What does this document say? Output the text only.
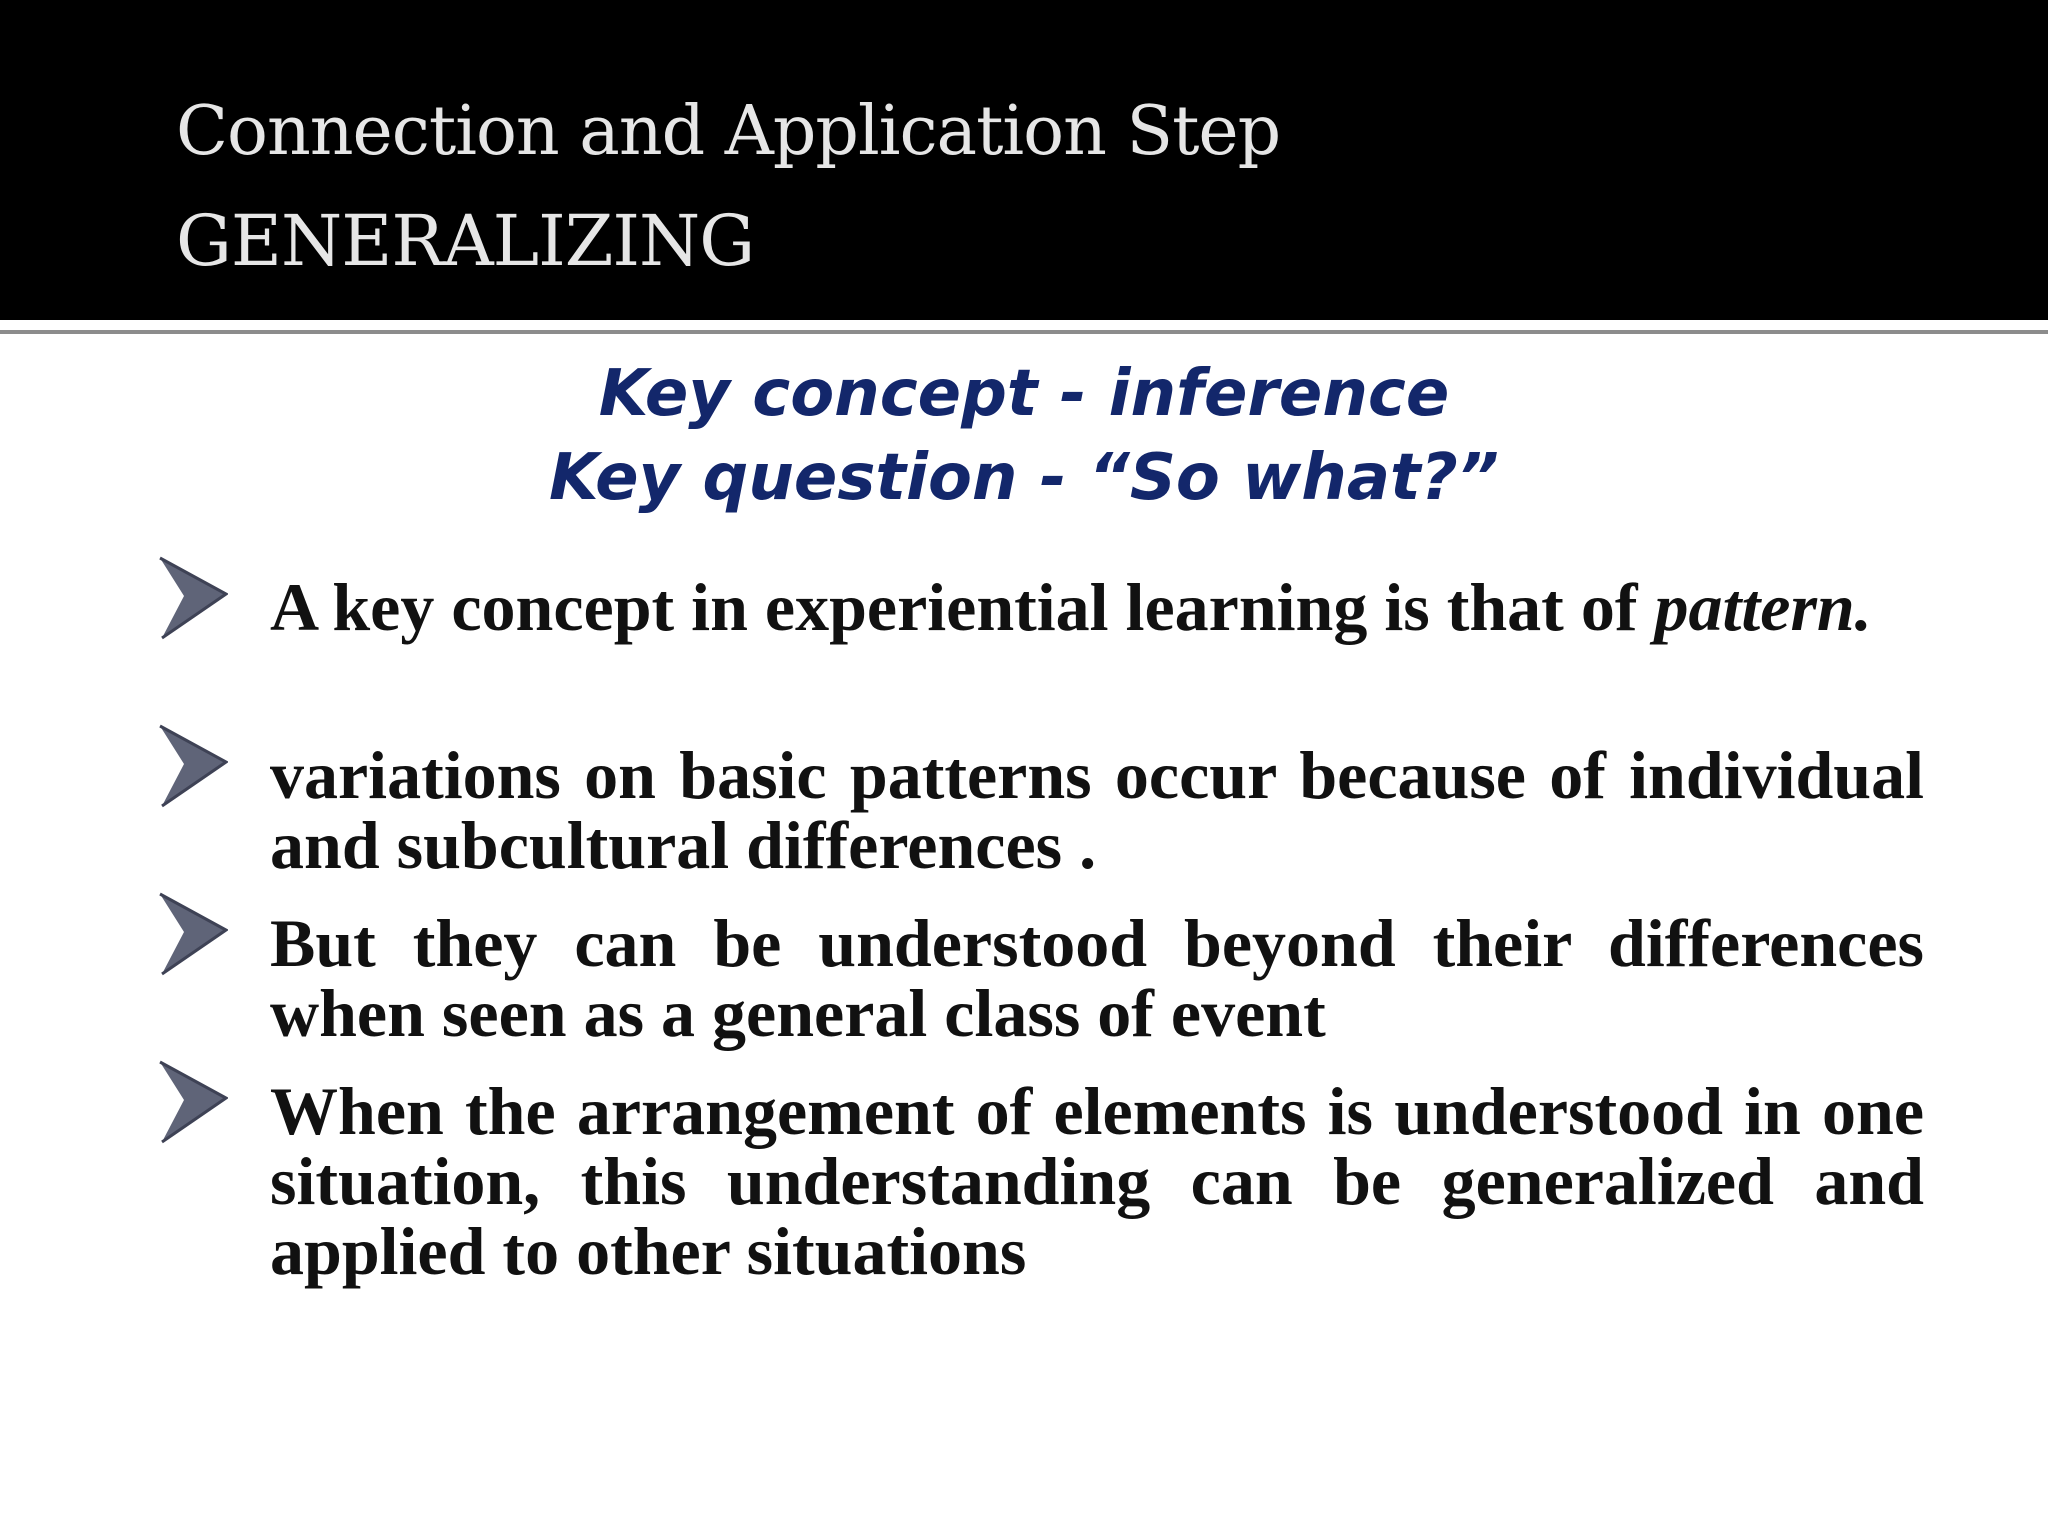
Connection and Application Step
GENERALIZING
Key concept - inference
Key question - “So what?”
A key concept in experiential learning is that of pattern.
variations on basic patterns occur because of individual and subcultural differences .
But they can be understood beyond their differences when seen as a general class of event
When the arrangement of elements is understood in one situation, this understanding can be generalized and applied to other situations
